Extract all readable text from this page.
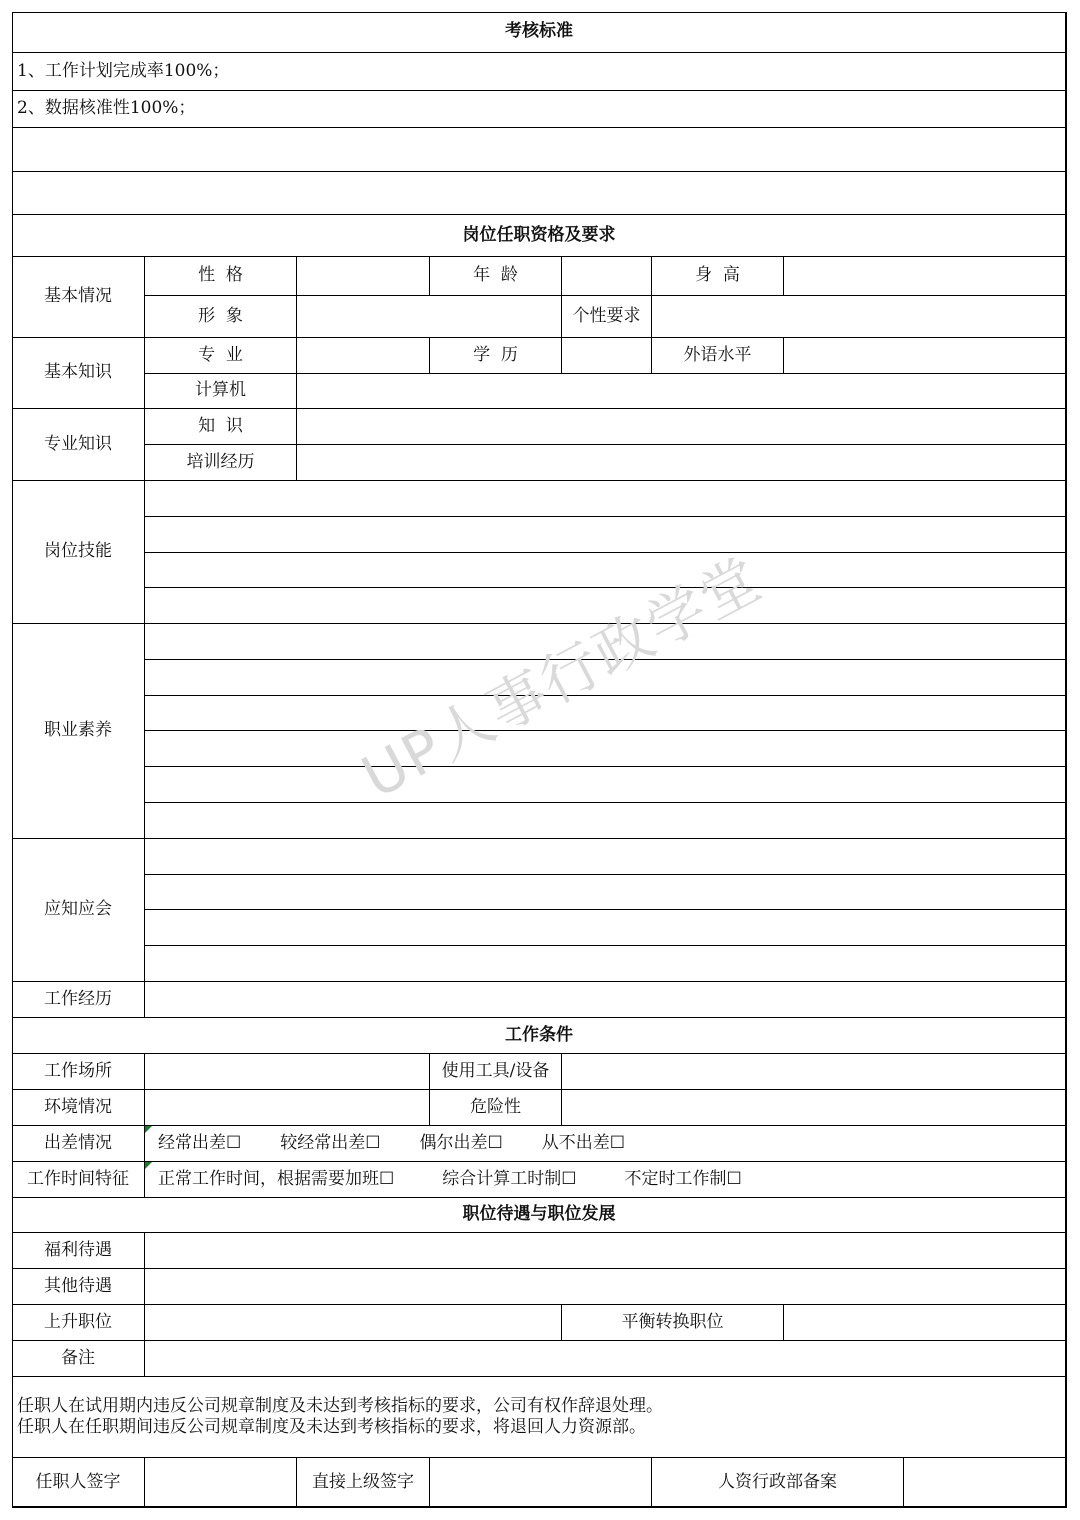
考核标准
1、工作计划完成率100%；
2、数据核准性100%；
岗位任职资格及要求
基本情况
性  格	年  龄	身  高
形  象	个性要求
基本知识
专  业	学  历	外语水平
计算机
专业知识
知  识
培训经历
岗位技能
职业素养
应知应会
工作经历
工作条件
工作场所	使用工具/设备
环境情况	危险性
出差情况	经常出差☐ 较经常出差☐ 偶尔出差☐ 从不出差☐
工作时间特征	正常工作时间，根据需要加班☐	综合计算工时制☐	不定时工作制☐
职位待遇与职位发展
福利待遇
其他待遇
上升职位	平衡转换职位
备注
任职人在试用期内违反公司规章制度及未达到考核指标的要求，公司有权作辞退处理。
任职人在任职期间违反公司规章制度及未达到考核指标的要求，将退回人力资源部。
任职人签字	直接上级签字	人资行政部备案
UP人事行政学堂
